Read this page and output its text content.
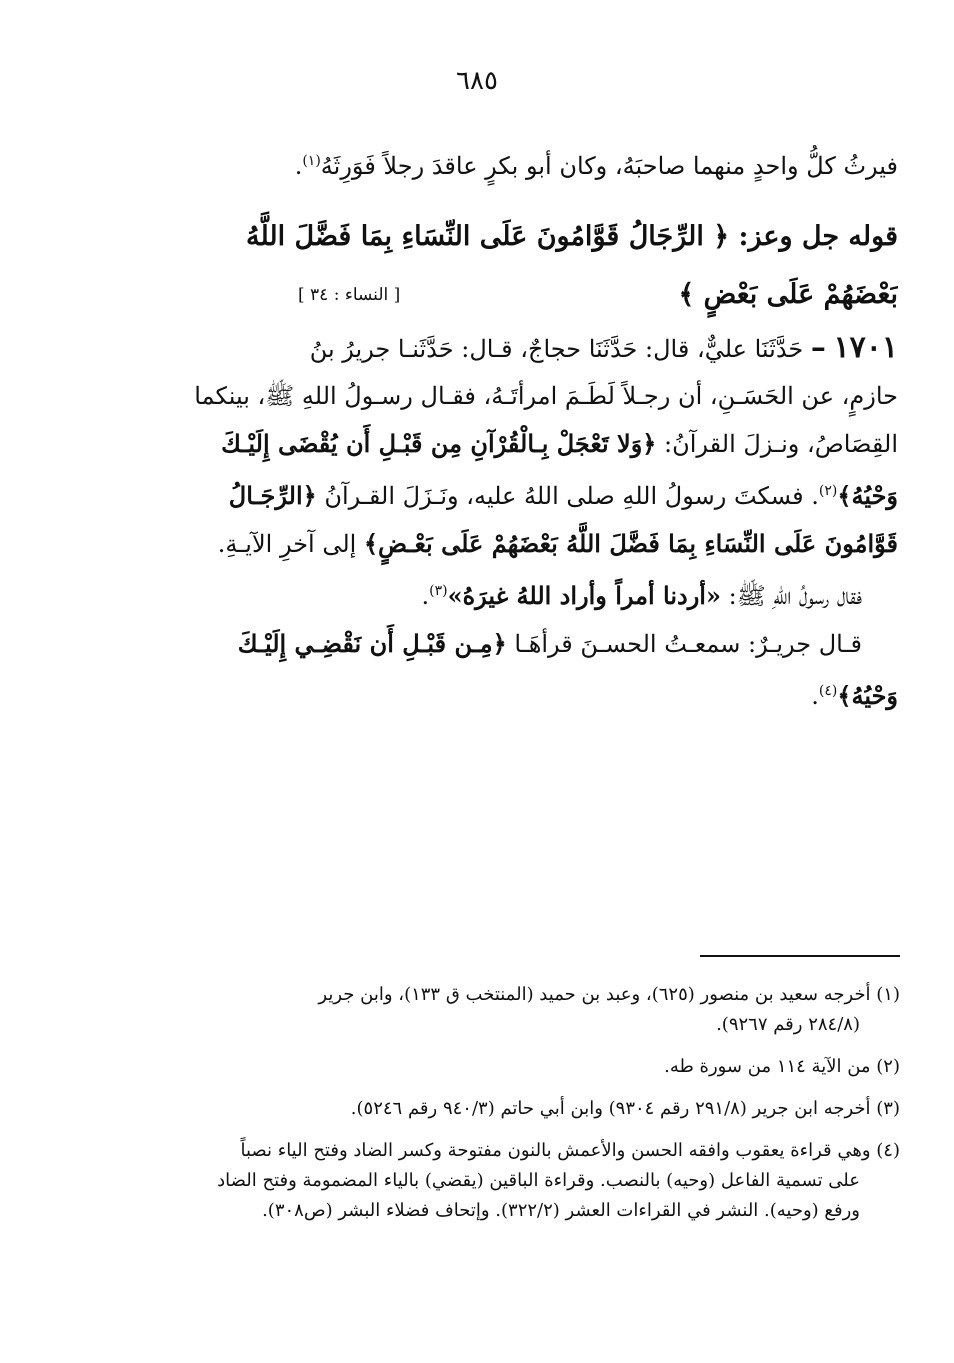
٦٨٥
فيرثُ كلُّ واحدٍ منهما صاحبَهُ، وكان أبو بكرٍ عاقدَ رجلاً فَوَرِثَهُ$^{(١)}$.
قوله جل وعز: ﴿ الرِّجَالُ قَوَّامُونَ عَلَى النِّسَاءِ بِمَا فَضَّلَ اللَّهُ
بَعْضَهُمْ عَلَى بَعْضٍ ﴾
[ النساء : ٣٤ ]
١٧٠١ – حَدَّثَنَا عليٌّ، قال: حَدَّثَنَا حجاجٌ، قـال: حَدَّثَنـا جريرُ بنُ
حازمٍ، عن الحَسَـنِ، أن رجـلاً لَطَـمَ امرأتَـهُ، فقـال رسـولُ اللهِ ﷺ، بينكما
القِصَاصُ، ونـزلَ القرآنُ: ﴿وَلا تَعْجَلْ بِـالْقُرْآنِ مِن قَبْـلِ أَن يُقْضَى إِلَيْـكَ
وَحْيُهُ﴾$^{(٢)}$. فسكتَ رسولُ اللهِ صلى اللهُ عليه، ونَـزَلَ القـرآنُ ﴿الرِّجَـالُ
قَوَّامُونَ عَلَى النِّسَاءِ بِمَا فَضَّلَ اللَّهُ بَعْضَهُمْ عَلَى بَعْـضٍ﴾ إلى آخرِ الآيـةِ.
فقال رسولُ اللهِ ﷺ: «أردنا أمراً وأراد اللهُ غيرَهُ»$^{(٣)}$.
قـال جريـرٌ: سمعـتُ الحسـنَ قرأهَـا ﴿مِـن قَبْـلِ أَن نَقْضِـي إِلَيْـكَ
وَحْيُهُ﴾$^{(٤)}$.
(١) أخرجه سعيد بن منصور (٦٢٥)، وعبد بن حميد (المنتخب ق ١٣٣)، وابن جرير
(٢٨٤/٨ رقم ٩٢٦٧).
(٢) من الآية ١١٤ من سورة طه.
(٣) أخرجه ابن جرير (٢٩١/٨ رقم ٩٣٠٤) وابن أبي حاتم (٩٤٠/٣ رقم ٥٢٤٦).
(٤) وهي قراءة يعقوب وافقه الحسن والأعمش بالنون مفتوحة وكسر الضاد وفتح الياء نصباً
على تسمية الفاعل (وحيه) بالنصب. وقراءة الباقين (يقضي) بالياء المضمومة وفتح الضاد
ورفع (وحيه). النشر في القراءات العشر (٣٢٢/٢). وإتحاف فضلاء البشر (ص٣٠٨).
